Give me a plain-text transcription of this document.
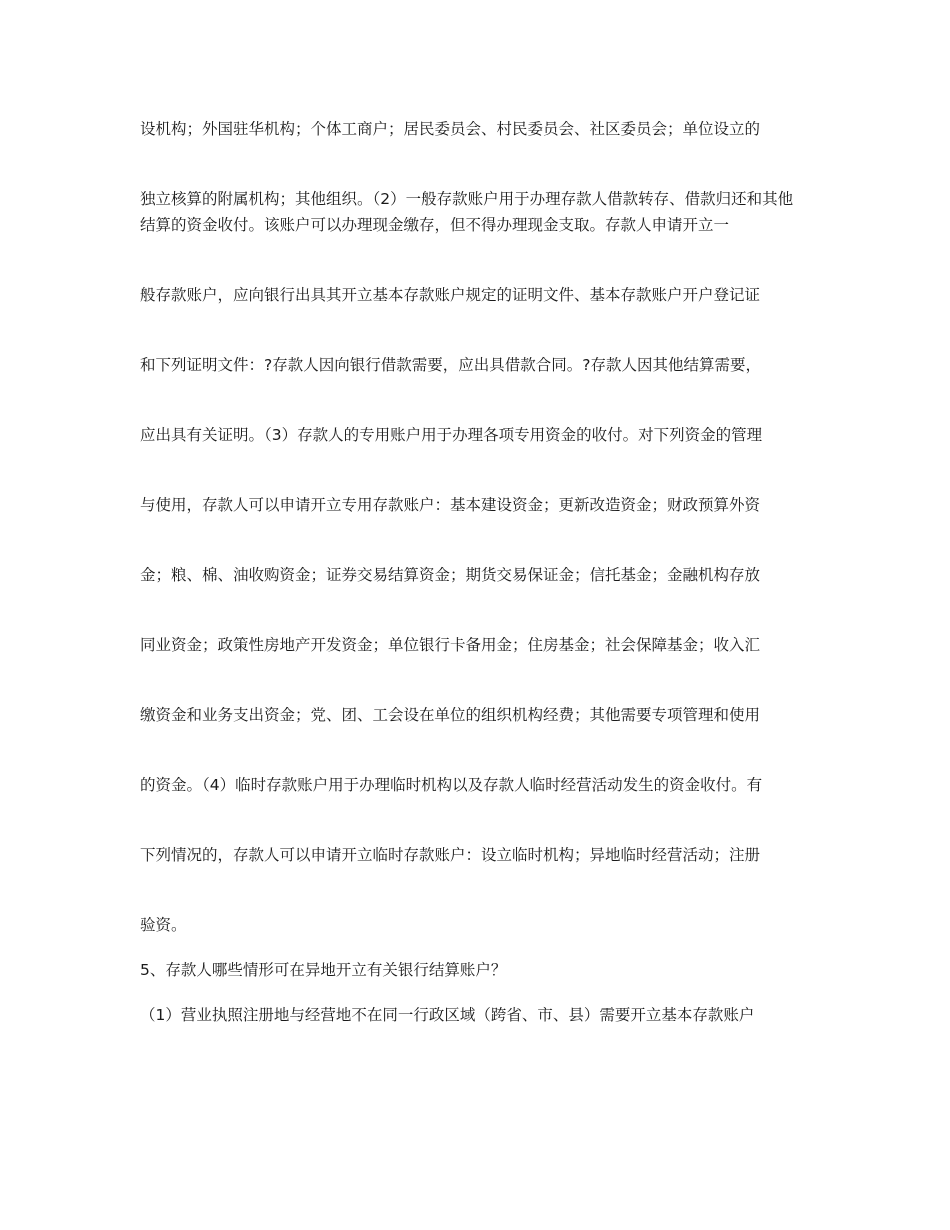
设机构；外国驻华机构；个体工商户；居民委员会、村民委员会、社区委员会；单位设立的

独立核算的附属机构；其他组织。（2）一般存款账户用于办理存款人借款转存、借款归还和其他结算的资金收付。该账户可以办理现金缴存，但不得办理现金支取。存款人申请开立一

般存款账户，应向银行出具其开立基本存款账户规定的证明文件、基本存款账户开户登记证

和下列证明文件：?存款人因向银行借款需要，应出具借款合同。?存款人因其他结算需要，

应出具有关证明。（3）存款人的专用账户用于办理各项专用资金的收付。对下列资金的管理

与使用，存款人可以申请开立专用存款账户：基本建设资金；更新改造资金；财政预算外资

金；粮、棉、油收购资金；证券交易结算资金；期货交易保证金；信托基金；金融机构存放

同业资金；政策性房地产开发资金；单位银行卡备用金；住房基金；社会保障基金；收入汇

缴资金和业务支出资金；党、团、工会设在单位的组织机构经费；其他需要专项管理和使用

的资金。（4）临时存款账户用于办理临时机构以及存款人临时经营活动发生的资金收付。有

下列情况的，存款人可以申请开立临时存款账户：设立临时机构；异地临时经营活动；注册

验资。

5、存款人哪些情形可在异地开立有关银行结算账户？

（1）营业执照注册地与经营地不在同一行政区域（跨省、市、县）需要开立基本存款账户
